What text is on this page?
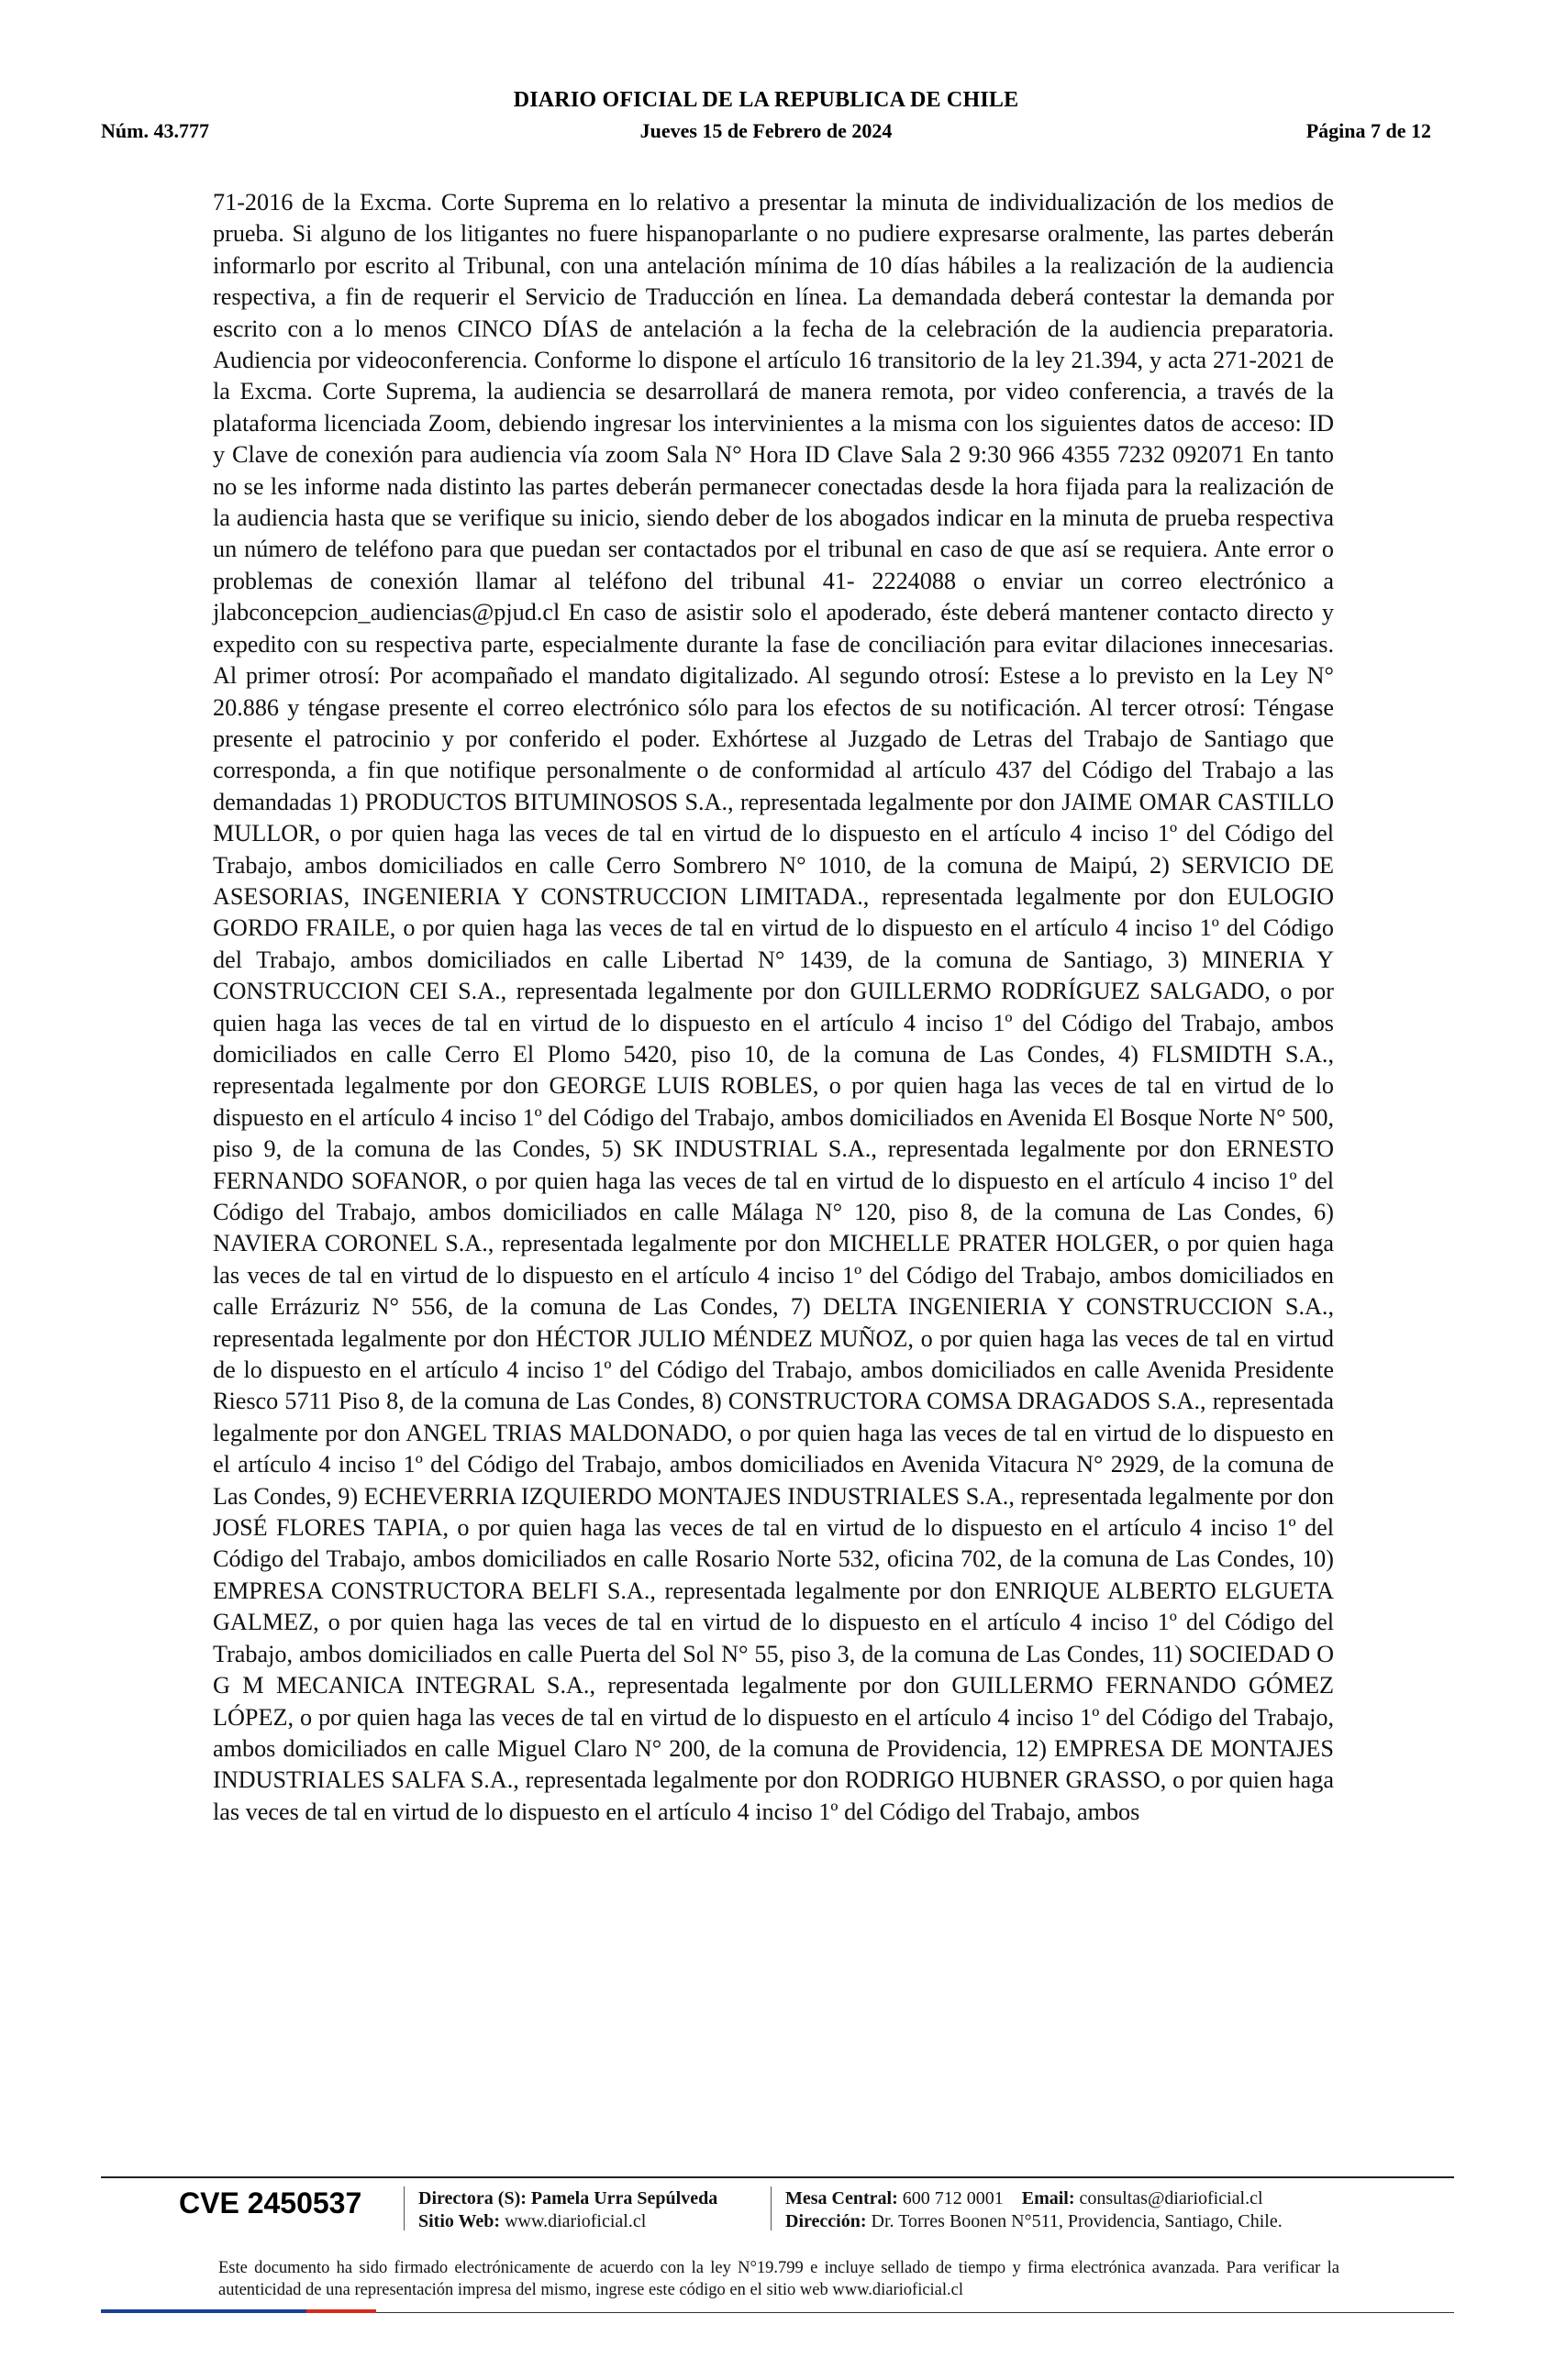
DIARIO OFICIAL DE LA REPUBLICA DE CHILE
Núm. 43.777	Jueves 15 de Febrero de 2024	Página 7 de 12

71-2016 de la Excma. Corte Suprema en lo relativo a presentar la minuta de individualización de los medios de prueba. Si alguno de los litigantes no fuere hispanoparlante o no pudiere expresarse oralmente, las partes deberán informarlo por escrito al Tribunal, con una antelación mínima de 10 días hábiles a la realización de la audiencia respectiva, a fin de requerir el Servicio de Traducción en línea. La demandada deberá contestar la demanda por escrito con a lo menos CINCO DÍAS de antelación a la fecha de la celebración de la audiencia preparatoria. Audiencia por videoconferencia. Conforme lo dispone el artículo 16 transitorio de la ley 21.394, y acta 271-2021 de la Excma. Corte Suprema, la audiencia se desarrollará de manera remota, por video conferencia, a través de la plataforma licenciada Zoom, debiendo ingresar los intervinientes a la misma con los siguientes datos de acceso: ID y Clave de conexión para audiencia vía zoom Sala N° Hora ID Clave Sala 2 9:30 966 4355 7232 092071 En tanto no se les informe nada distinto las partes deberán permanecer conectadas desde la hora fijada para la realización de la audiencia hasta que se verifique su inicio, siendo deber de los abogados indicar en la minuta de prueba respectiva un número de teléfono para que puedan ser contactados por el tribunal en caso de que así se requiera. Ante error o problemas de conexión llamar al teléfono del tribunal 41- 2224088 o enviar un correo electrónico a jlabconcepcion_audiencias@pjud.cl En caso de asistir solo el apoderado, éste deberá mantener contacto directo y expedito con su respectiva parte, especialmente durante la fase de conciliación para evitar dilaciones innecesarias. Al primer otrosí: Por acompañado el mandato digitalizado. Al segundo otrosí: Estese a lo previsto en la Ley N° 20.886 y téngase presente el correo electrónico sólo para los efectos de su notificación. Al tercer otrosí: Téngase presente el patrocinio y por conferido el poder. Exhórtese al Juzgado de Letras del Trabajo de Santiago que corresponda, a fin que notifique personalmente o de conformidad al artículo 437 del Código del Trabajo a las demandadas 1) PRODUCTOS BITUMINOSOS S.A., representada legalmente por don JAIME OMAR CASTILLO MULLOR, o por quien haga las veces de tal en virtud de lo dispuesto en el artículo 4 inciso 1º del Código del Trabajo, ambos domiciliados en calle Cerro Sombrero N° 1010, de la comuna de Maipú, 2) SERVICIO DE ASESORIAS, INGENIERIA Y CONSTRUCCION LIMITADA., representada legalmente por don EULOGIO GORDO FRAILE, o por quien haga las veces de tal en virtud de lo dispuesto en el artículo 4 inciso 1º del Código del Trabajo, ambos domiciliados en calle Libertad N° 1439, de la comuna de Santiago, 3) MINERIA Y CONSTRUCCION CEI S.A., representada legalmente por don GUILLERMO RODRÍGUEZ SALGADO, o por quien haga las veces de tal en virtud de lo dispuesto en el artículo 4 inciso 1º del Código del Trabajo, ambos domiciliados en calle Cerro El Plomo 5420, piso 10, de la comuna de Las Condes, 4) FLSMIDTH S.A., representada legalmente por don GEORGE LUIS ROBLES, o por quien haga las veces de tal en virtud de lo dispuesto en el artículo 4 inciso 1º del Código del Trabajo, ambos domiciliados en Avenida El Bosque Norte N° 500, piso 9, de la comuna de las Condes, 5) SK INDUSTRIAL S.A., representada legalmente por don ERNESTO FERNANDO SOFANOR, o por quien haga las veces de tal en virtud de lo dispuesto en el artículo 4 inciso 1º del Código del Trabajo, ambos domiciliados en calle Málaga N° 120, piso 8, de la comuna de Las Condes, 6) NAVIERA CORONEL S.A., representada legalmente por don MICHELLE PRATER HOLGER, o por quien haga las veces de tal en virtud de lo dispuesto en el artículo 4 inciso 1º del Código del Trabajo, ambos domiciliados en calle Errázuriz N° 556, de la comuna de Las Condes, 7) DELTA INGENIERIA Y CONSTRUCCION S.A., representada legalmente por don HÉCTOR JULIO MÉNDEZ MUÑOZ, o por quien haga las veces de tal en virtud de lo dispuesto en el artículo 4 inciso 1º del Código del Trabajo, ambos domiciliados en calle Avenida Presidente Riesco 5711 Piso 8, de la comuna de Las Condes, 8) CONSTRUCTORA COMSA DRAGADOS S.A., representada legalmente por don ANGEL TRIAS MALDONADO, o por quien haga las veces de tal en virtud de lo dispuesto en el artículo 4 inciso 1º del Código del Trabajo, ambos domiciliados en Avenida Vitacura N° 2929, de la comuna de Las Condes, 9) ECHEVERRIA IZQUIERDO MONTAJES INDUSTRIALES S.A., representada legalmente por don JOSÉ FLORES TAPIA, o por quien haga las veces de tal en virtud de lo dispuesto en el artículo 4 inciso 1º del Código del Trabajo, ambos domiciliados en calle Rosario Norte 532, oficina 702, de la comuna de Las Condes, 10) EMPRESA CONSTRUCTORA BELFI S.A., representada legalmente por don ENRIQUE ALBERTO ELGUETA GALMEZ, o por quien haga las veces de tal en virtud de lo dispuesto en el artículo 4 inciso 1º del Código del Trabajo, ambos domiciliados en calle Puerta del Sol N° 55, piso 3, de la comuna de Las Condes, 11) SOCIEDAD O G M MECANICA INTEGRAL S.A., representada legalmente por don GUILLERMO FERNANDO GÓMEZ LÓPEZ, o por quien haga las veces de tal en virtud de lo dispuesto en el artículo 4 inciso 1º del Código del Trabajo, ambos domiciliados en calle Miguel Claro N° 200, de la comuna de Providencia, 12) EMPRESA DE MONTAJES INDUSTRIALES SALFA S.A., representada legalmente por don RODRIGO HUBNER GRASSO, o por quien haga las veces de tal en virtud de lo dispuesto en el artículo 4 inciso 1º del Código del Trabajo, ambos

CVE 2450537	Directora (S): Pamela Urra Sepúlveda
Sitio Web: www.diarioficial.cl
Mesa Central: 600 712 0001 Email: consultas@diarioficial.cl
Dirección: Dr. Torres Boonen N°511, Providencia, Santiago, Chile.

Este documento ha sido firmado electrónicamente de acuerdo con la ley N°19.799 e incluye sellado de tiempo y firma electrónica avanzada. Para verificar la autenticidad de una representación impresa del mismo, ingrese este código en el sitio web www.diarioficial.cl
